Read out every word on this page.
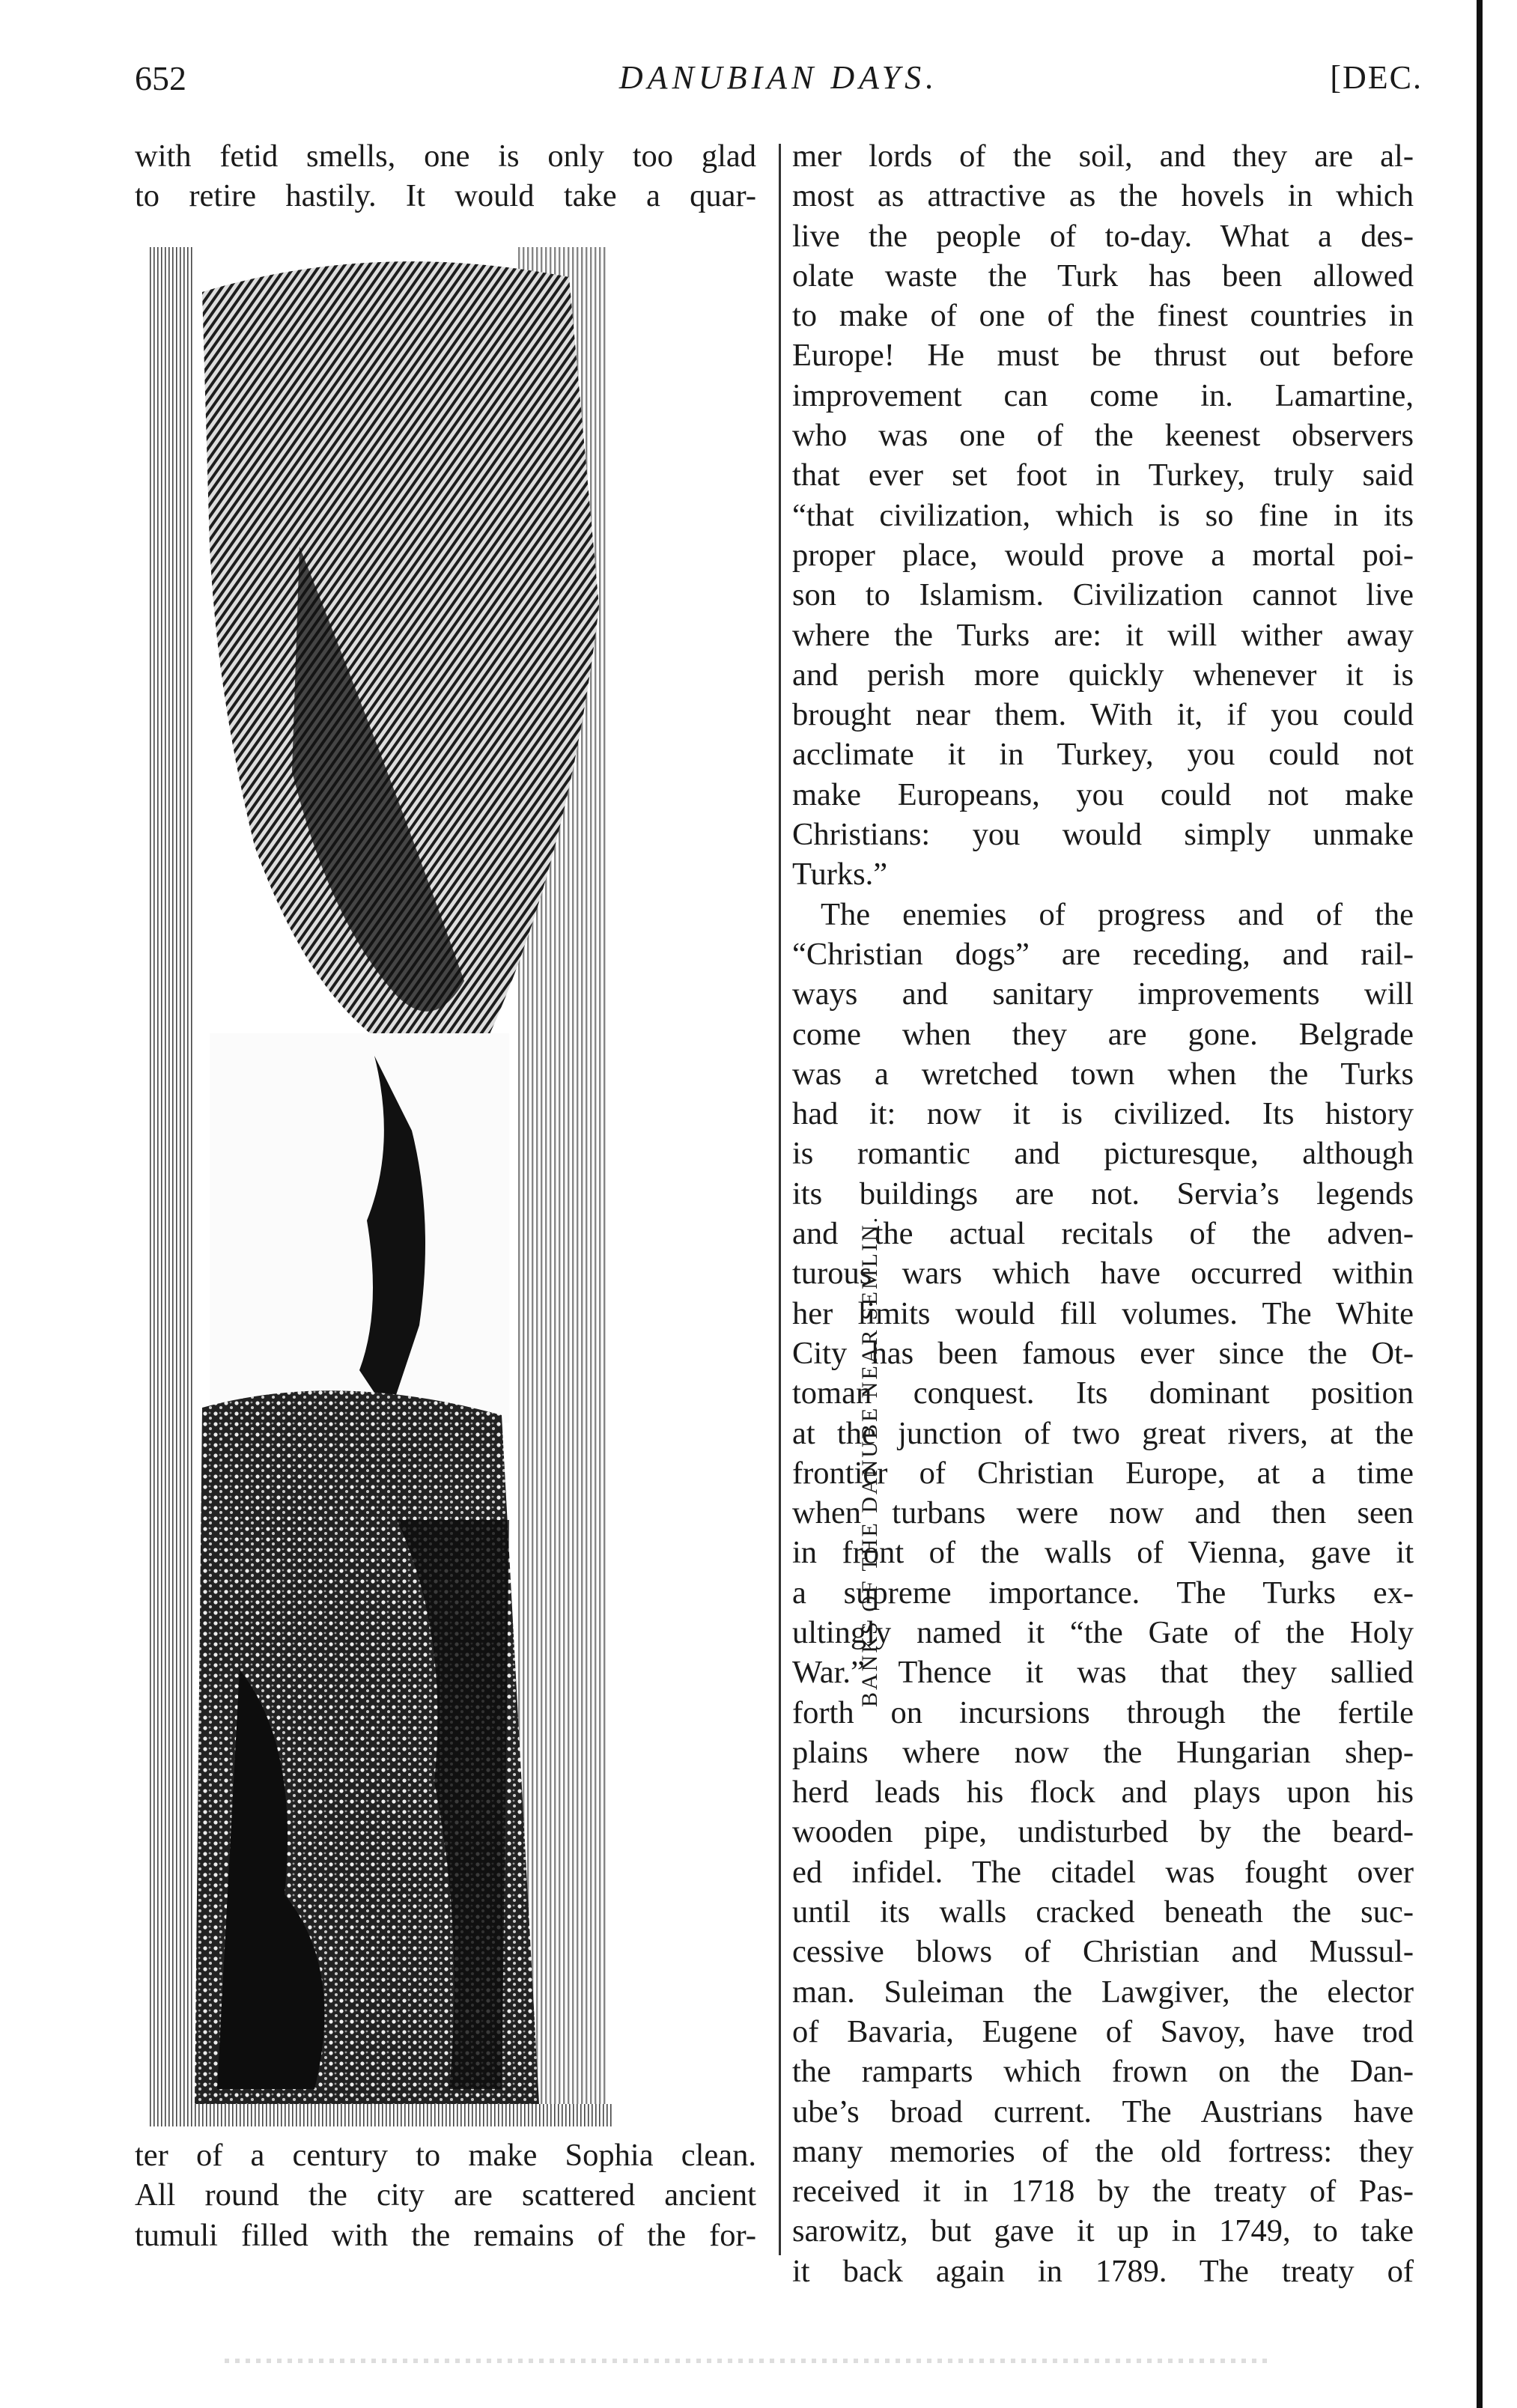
DANUBIAN DAYS.
652	[DEC.
with fetid smells, one is only too glad
to retire hastily. It would take a quar-
BANKS OF THE DANUBE NEAR SEMLIN.
ter of a century to make Sophia clean.
All round the city are scattered ancient
tumuli filled with the remains of the for-
mer lords of the soil, and they are al-
most as attractive as the hovels in which
live the people of to-day. What a des-
olate waste the Turk has been allowed
to make of one of the finest countries in
Europe! He must be thrust out before
improvement can come in. Lamartine,
who was one of the keenest observers
that ever set foot in Turkey, truly said
“that civilization, which is so fine in its
proper place, would prove a mortal poi-
son to Islamism. Civilization cannot live
where the Turks are: it will wither away
and perish more quickly whenever it is
brought near them. With it, if you could
acclimate it in Turkey, you could not
make Europeans, you could not make
Christians: you would simply unmake
Turks.”
The enemies of progress and of the
“Christian dogs” are receding, and rail-
ways and sanitary improvements will
come when they are gone. Belgrade
was a wretched town when the Turks
had it: now it is civilized. Its history
is romantic and picturesque, although
its buildings are not. Servia’s legends
and the actual recitals of the adven-
turous wars which have occurred within
her limits would fill volumes. The White
City has been famous ever since the Ot-
toman conquest. Its dominant position
at the junction of two great rivers, at the
frontier of Christian Europe, at a time
when turbans were now and then seen
in front of the walls of Vienna, gave it
a supreme importance. The Turks ex-
ultingly named it “the Gate of the Holy
War.” Thence it was that they sallied
forth on incursions through the fertile
plains where now the Hungarian shep-
herd leads his flock and plays upon his
wooden pipe, undisturbed by the beard-
ed infidel. The citadel was fought over
until its walls cracked beneath the suc-
cessive blows of Christian and Mussul-
man. Suleiman the Lawgiver, the elector
of Bavaria, Eugene of Savoy, have trod
the ramparts which frown on the Dan-
ube’s broad current. The Austrians have
many memories of the old fortress: they
received it in 1718 by the treaty of Pas-
sarowitz, but gave it up in 1749, to take
it back again in 1789. The treaty of
